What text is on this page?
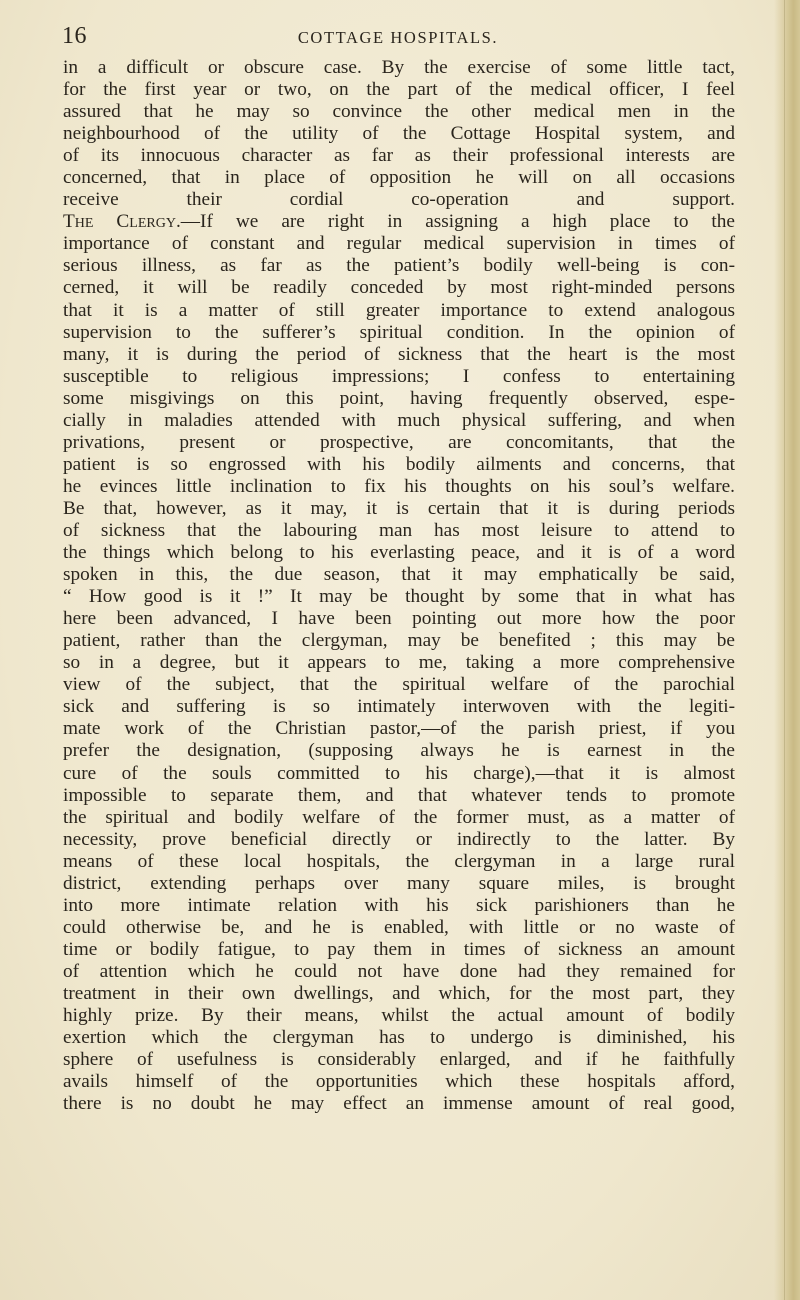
16	COTTAGE HOSPITALS.
in a difficult or obscure case. By the exercise of some little tact,
for the first year or two, on the part of the medical officer, I feel
assured that he may so convince the other medical men in the
neighbourhood of the utility of the Cottage Hospital system, and
of its innocuous character as far as their professional interests are
concerned, that in place of opposition he will on all occasions
receive their cordial co-operation and support.
The Clergy.—If we are right in assigning a high place to the
importance of constant and regular medical supervision in times of
serious illness, as far as the patient’s bodily well-being is con-
cerned, it will be readily conceded by most right-minded persons
that it is a matter of still greater importance to extend analogous
supervision to the sufferer’s spiritual condition. In the opinion of
many, it is during the period of sickness that the heart is the most
susceptible to religious impressions; I confess to entertaining
some misgivings on this point, having frequently observed, espe-
cially in maladies attended with much physical suffering, and when
privations, present or prospective, are concomitants, that the
patient is so engrossed with his bodily ailments and concerns, that
he evinces little inclination to fix his thoughts on his soul’s welfare.
Be that, however, as it may, it is certain that it is during periods
of sickness that the labouring man has most leisure to attend to
the things which belong to his everlasting peace, and it is of a word
spoken in this, the due season, that it may emphatically be said,
“ How good is it !” It may be thought by some that in what has
here been advanced, I have been pointing out more how the poor
patient, rather than the clergyman, may be benefited ; this may be
so in a degree, but it appears to me, taking a more comprehensive
view of the subject, that the spiritual welfare of the parochial
sick and suffering is so intimately interwoven with the legiti-
mate work of the Christian pastor,—of the parish priest, if you
prefer the designation, (supposing always he is earnest in the
cure of the souls committed to his charge),—that it is almost
impossible to separate them, and that whatever tends to promote
the spiritual and bodily welfare of the former must, as a matter of
necessity, prove beneficial directly or indirectly to the latter. By
means of these local hospitals, the clergyman in a large rural
district, extending perhaps over many square miles, is brought
into more intimate relation with his sick parishioners than he
could otherwise be, and he is enabled, with little or no waste of
time or bodily fatigue, to pay them in times of sickness an amount
of attention which he could not have done had they remained for
treatment in their own dwellings, and which, for the most part, they
highly prize. By their means, whilst the actual amount of bodily
exertion which the clergyman has to undergo is diminished, his
sphere of usefulness is considerably enlarged, and if he faithfully
avails himself of the opportunities which these hospitals afford,
there is no doubt he may effect an immense amount of real good,
